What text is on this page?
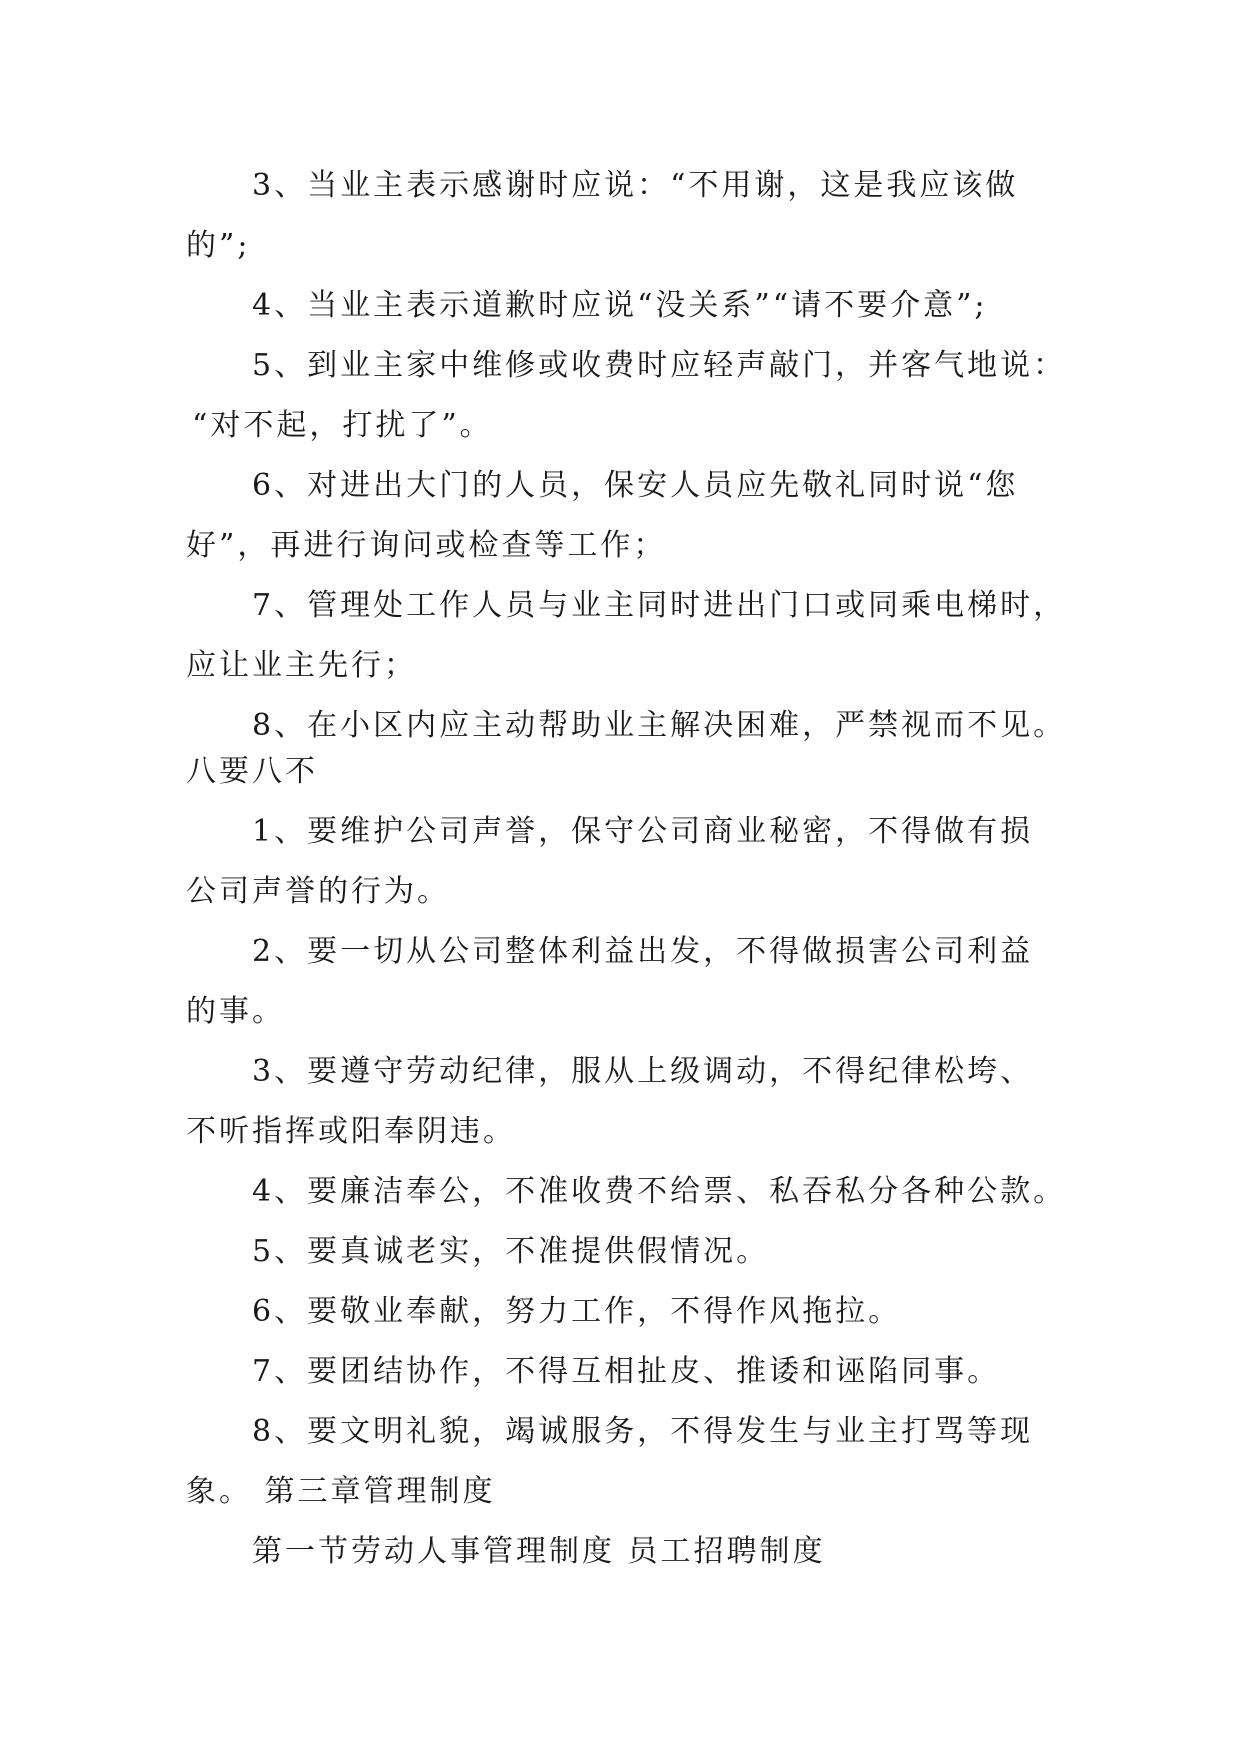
3、当业主表示感谢时应说：“不用谢，这是我应该做

的”;

4、当业主表示道歉时应说“没关系”“请不要介意”;

5、到业主家中维修或收费时应轻声敲门，并客气地说：

“对不起，打扰了”。

6、对进出大门的人员，保安人员应先敬礼同时说“您

好”，再进行询问或检查等工作；

7、管理处工作人员与业主同时进出门口或同乘电梯时，

应让业主先行；

8、在小区内应主动帮助业主解决困难，严禁视而不见。

八要八不

1、要维护公司声誉，保守公司商业秘密，不得做有损

公司声誉的行为。

2、要一切从公司整体利益出发，不得做损害公司利益

的事。

3、要遵守劳动纪律，服从上级调动，不得纪律松垮、

不听指挥或阳奉阴违。

4、要廉洁奉公，不准收费不给票、私吞私分各种公款。

5、要真诚老实，不准提供假情况。

6、要敬业奉献，努力工作，不得作风拖拉。

7、要团结协作，不得互相扯皮、推诿和诬陷同事。

8、要文明礼貌，竭诚服务，不得发生与业主打骂等现

象。 第三章管理制度

第一节劳动人事管理制度 员工招聘制度
